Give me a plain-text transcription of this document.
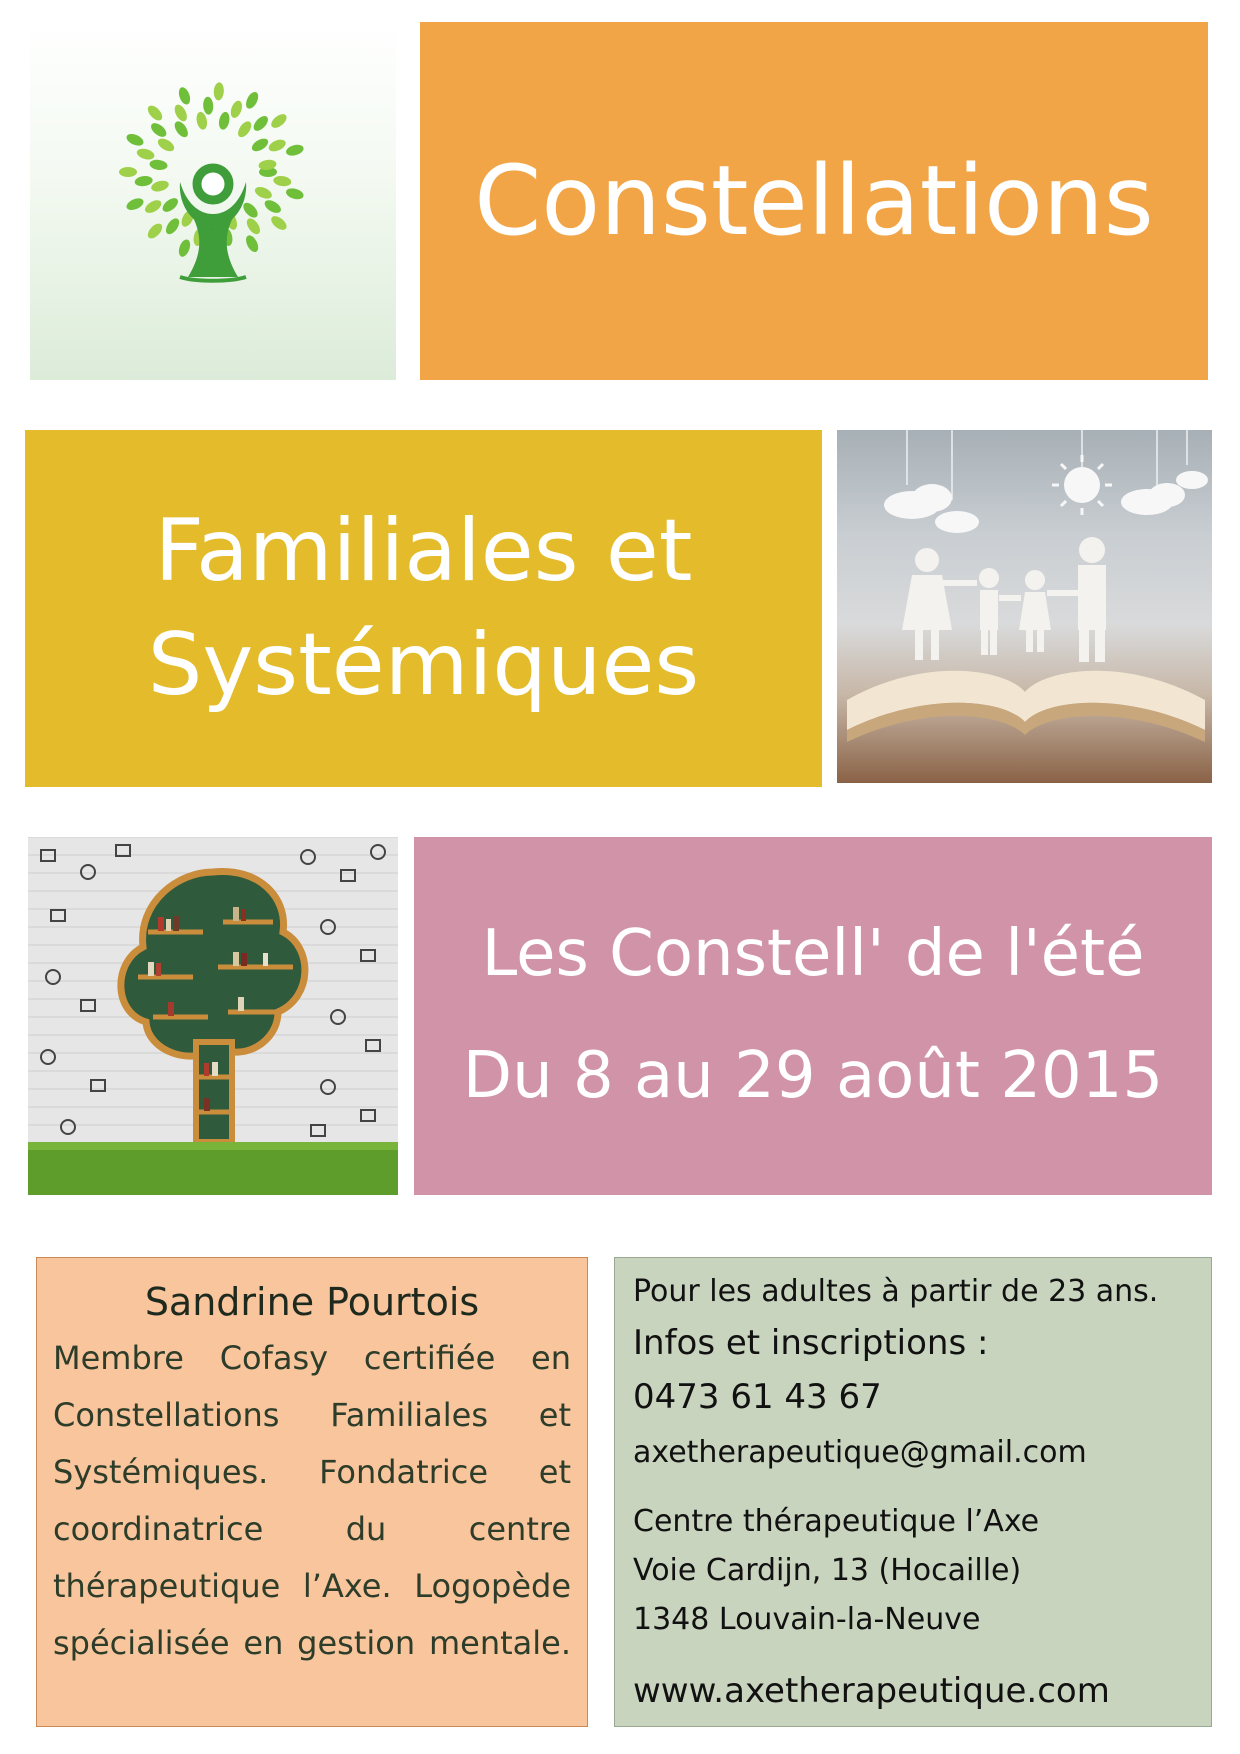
Constellations
Familiales et
Systémiques
Les Constell' de l'été
Du 8 au 29 août 2015
Sandrine Pourtois

Membre Cofasy certifiée en Constellations Familiales et Systémiques. Fondatrice et coordinatrice du centre thérapeutique l’Axe. Logopède spécialisée en gestion mentale.

Pour les adultes à partir de 23 ans.

Infos et inscriptions :

0473 61 43 67

axetherapeutique@gmail.com

Centre thérapeutique l’Axe

Voie Cardijn, 13 (Hocaille)

1348 Louvain-la-Neuve

www.axetherapeutique.com
